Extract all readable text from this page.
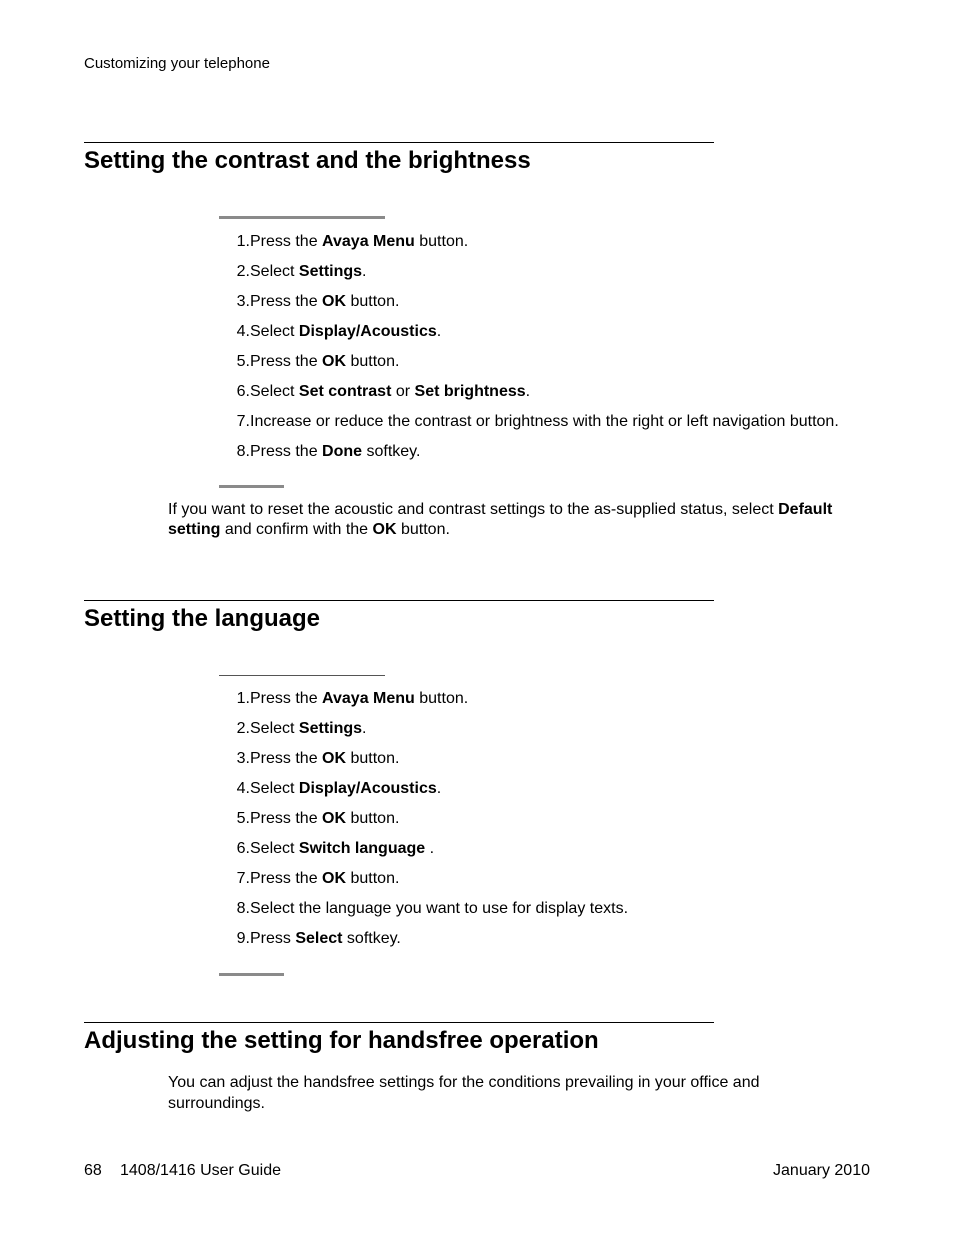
Customizing your telephone
Setting the contrast and the brightness
1. Press the Avaya Menu button.
2. Select Settings.
3. Press the OK button.
4. Select Display/Acoustics.
5. Press the OK button.
6. Select Set contrast or Set brightness.
7. Increase or reduce the contrast or brightness with the right or left navigation button.
8. Press the Done softkey.

If you want to reset the acoustic and contrast settings to the as-supplied status, select Default setting and confirm with the OK button.

Setting the language
1. Press the Avaya Menu button.
2. Select Settings.
3. Press the OK button.
4. Select Display/Acoustics.
5. Press the OK button.
6. Select Switch language .
7. Press the OK button.
8. Select the language you want to use for display texts.
9. Press Select softkey.
Adjusting the setting for handsfree operation

You can adjust the handsfree settings for the conditions prevailing in your office and surroundings.

68 1408/1416 User Guide	January 2010
